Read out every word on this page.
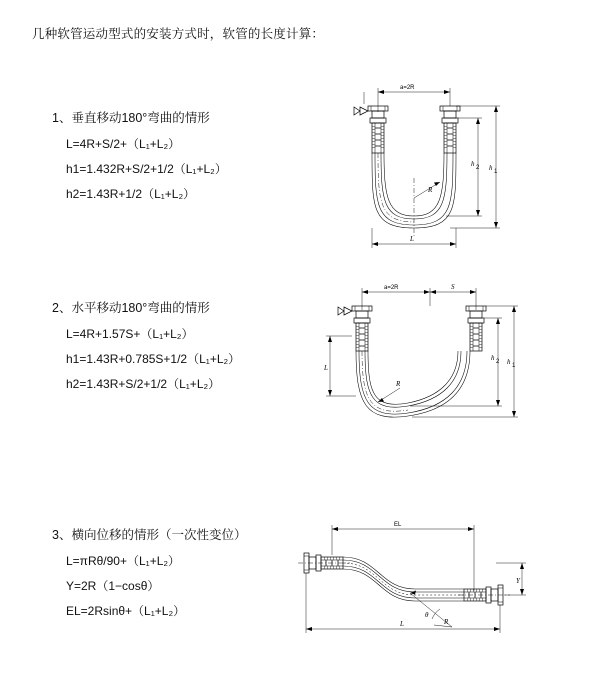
几种软管运动型式的安装方式时，软管的长度计算：
1、垂直移动180°弯曲的情形
L=4R+S/2+（L₁+L₂）
h1=1.432R+S/2+1/2（L₁+L₂）
h2=1.43R+1/2（L₁+L₂）
a=2R
R
h 1
h 2
L
2、水平移动180°弯曲的情形
L=4R+1.57S+（L₁+L₂）
h1=1.43R+0.785S+1/2（L₁+L₂）
h2=1.43R+S/2+1/2（L₁+L₂）
a=2R	S
R
h 1
h 2
L
3、横向位移的情形（一次性变位）
L=πRθ/90+（L₁+L₂）
Y=2R（1−cosθ）
EL=2Rsinθ+（L₁+L₂）
EL
R
θ
Y
L
